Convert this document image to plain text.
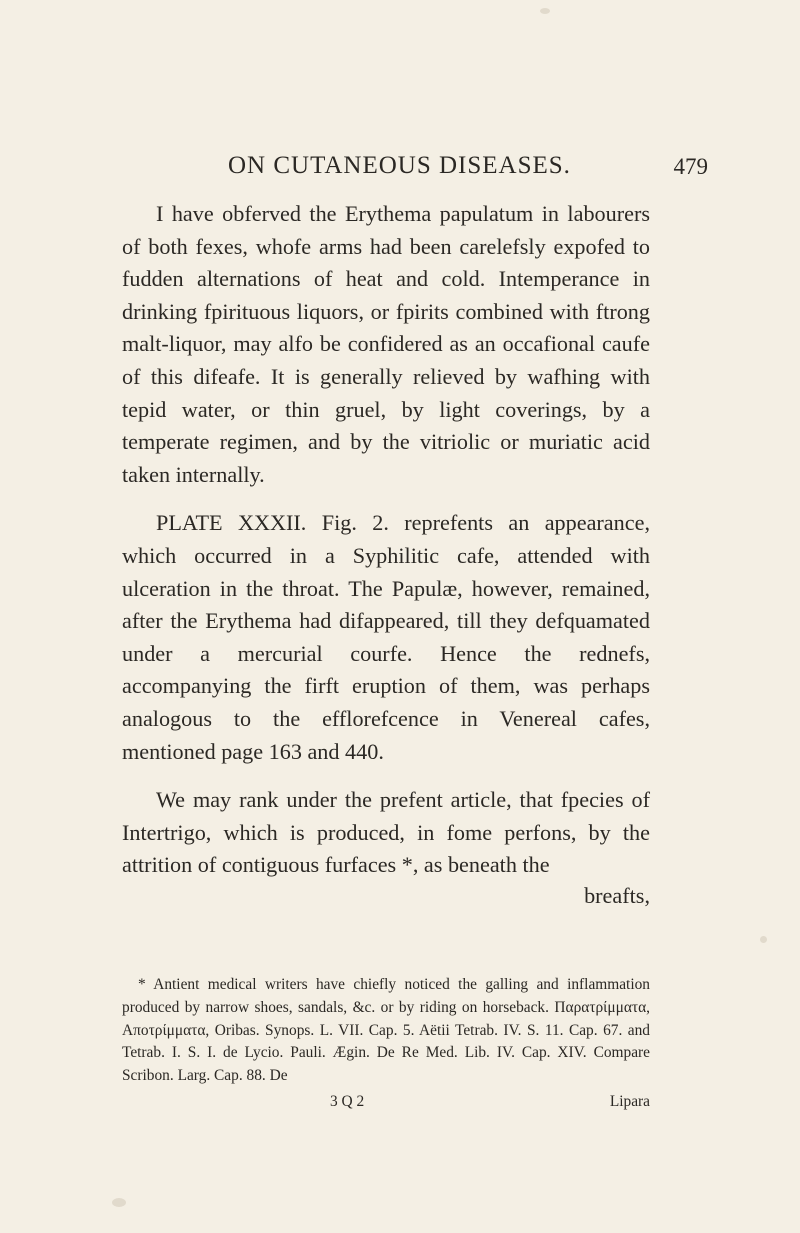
ON CUTANEOUS DISEASES.	479

I have obferved the Erythema papulatum in labourers of both fexes, whofe arms had been carelefsly expofed to fudden alternations of heat and cold. Intemperance in drinking fpirituous liquors, or fpirits combined with ftrong malt-liquor, may alfo be confidered as an occafional caufe of this difeafe. It is generally relieved by wafhing with tepid water, or thin gruel, by light coverings, by a temperate regimen, and by the vitriolic or muriatic acid taken internally.

PLATE XXXII. Fig. 2. reprefents an appearance, which occurred in a Syphilitic cafe, attended with ulceration in the throat. The Papulæ, however, remained, after the Erythema had difappeared, till they defquamated under a mercurial courfe. Hence the rednefs, accompanying the firft eruption of them, was perhaps analogous to the efflorefcence in Venereal cafes, mentioned page 163 and 440.

We may rank under the prefent article, that fpecies of Intertrigo, which is produced, in fome perfons, by the attrition of contiguous furfaces *, as beneath the

breafts,

* Antient medical writers have chiefly noticed the galling and inflammation produced by narrow shoes, sandals, &c. or by riding on horseback. Παρατρίμματα, Αποτρίμματα, Oribas. Synops. L. VII. Cap. 5. Aëtii Tetrab. IV. S. 11. Cap. 67. and Tetrab. I. S. I. de Lycio. Pauli. Ægin. De Re Med. Lib. IV. Cap. XIV. Compare Scribon. Larg. Cap. 88. De

3 Q 2	Lipara
